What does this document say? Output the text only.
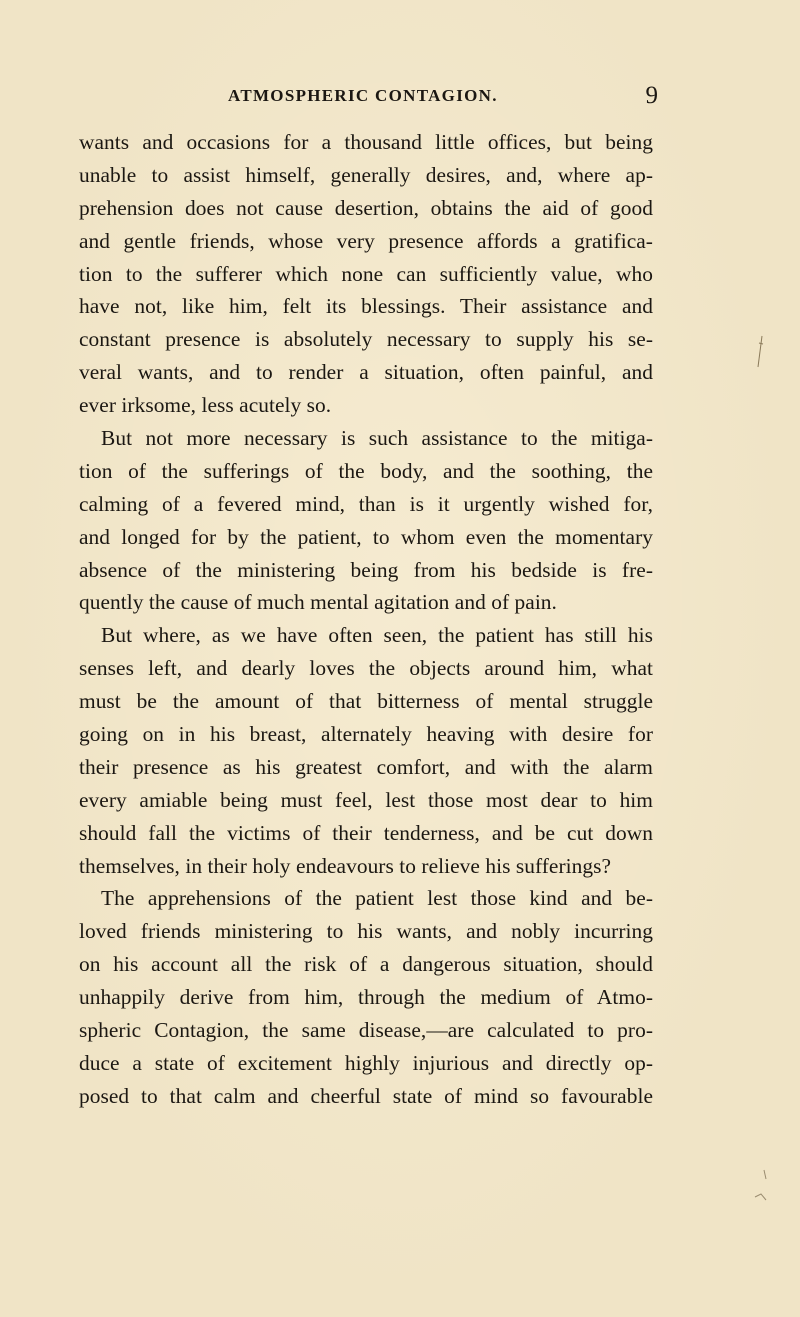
ATMOSPHERIC CONTAGION.	9
wants and occasions for a thousand little offices, but being
unable to assist himself, generally desires, and, where ap-
prehension does not cause desertion, obtains the aid of good
and gentle friends, whose very presence affords a gratifica-
tion to the sufferer which none can sufficiently value, who
have not, like him, felt its blessings. Their assistance and
constant presence is absolutely necessary to supply his se-
veral wants, and to render a situation, often painful, and
ever irksome, less acutely so.
But not more necessary is such assistance to the mitiga-
tion of the sufferings of the body, and the soothing, the
calming of a fevered mind, than is it urgently wished for,
and longed for by the patient, to whom even the momentary
absence of the ministering being from his bedside is fre-
quently the cause of much mental agitation and of pain.
But where, as we have often seen, the patient has still his
senses left, and dearly loves the objects around him, what
must be the amount of that bitterness of mental struggle
going on in his breast, alternately heaving with desire for
their presence as his greatest comfort, and with the alarm
every amiable being must feel, lest those most dear to him
should fall the victims of their tenderness, and be cut down
themselves, in their holy endeavours to relieve his sufferings?
The apprehensions of the patient lest those kind and be-
loved friends ministering to his wants, and nobly incurring
on his account all the risk of a dangerous situation, should
unhappily derive from him, through the medium of Atmo-
spheric Contagion, the same disease,—are calculated to pro-
duce a state of excitement highly injurious and directly op-
posed to that calm and cheerful state of mind so favourable
